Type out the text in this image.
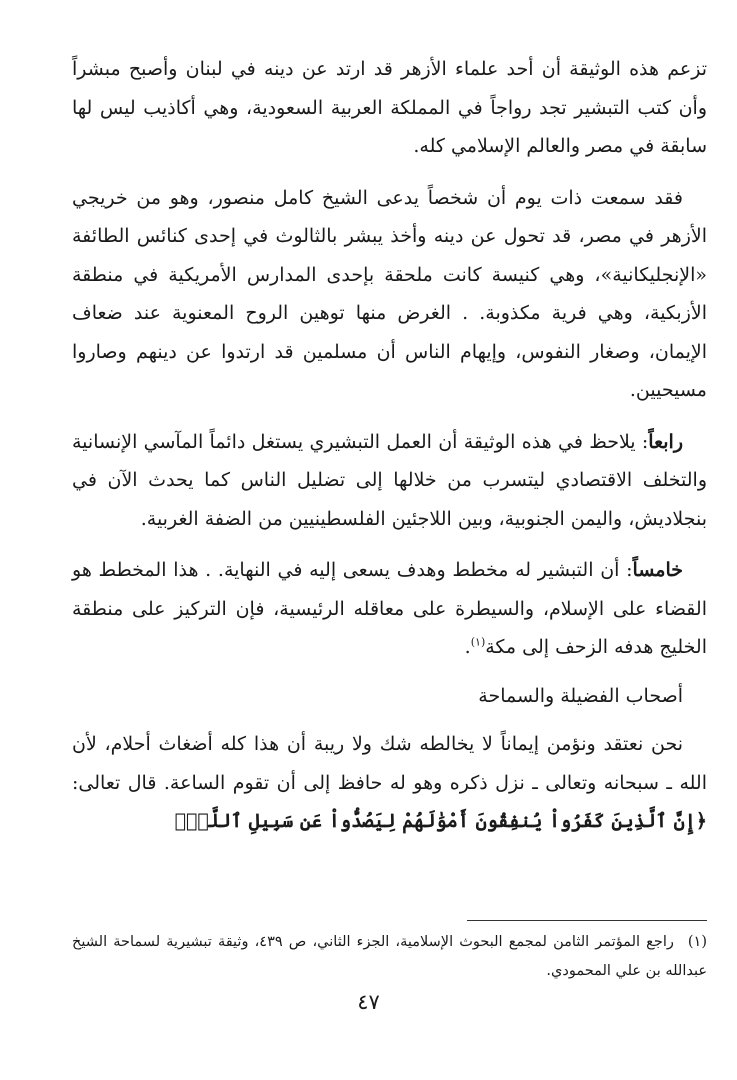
تزعم هذه الوثيقة أن أحد علماء الأزهر قد ارتد عن دينه في لبنان وأصبح مبشراً وأن كتب التبشير تجد رواجاً في المملكة العربية السعودية، وهي أكاذيب ليس لها سابقة في مصر والعالم الإسلامي كله.

فقد سمعت ذات يوم أن شخصاً يدعى الشيخ كامل منصور، وهو من خريجي الأزهر في مصر، قد تحول عن دينه وأخذ يبشر بالثالوث في إحدى كنائس الطائفة «الإنجليكانية»، وهي كنيسة كانت ملحقة بإحدى المدارس الأمريكية في منطقة الأزبكية، وهي فرية مكذوبة. . الغرض منها توهين الروح المعنوية عند ضعاف الإيمان، وصغار النفوس، وإيهام الناس أن مسلمين قد ارتدوا عن دينهم وصاروا مسيحيين.

رابعاً: يلاحظ في هذه الوثيقة أن العمل التبشيري يستغل دائماً المآسي الإنسانية والتخلف الاقتصادي ليتسرب من خلالها إلى تضليل الناس كما يحدث الآن في بنجلاديش، واليمن الجنوبية، وبين اللاجئين الفلسطينيين من الضفة الغربية.

خامساً: أن التبشير له مخطط وهدف يسعى إليه في النهاية. . هذا المخطط هو القضاء على الإسلام، والسيطرة على معاقله الرئيسية، فإن التركيز على منطقة الخليج هدفه الزحف إلى مكة$^{(١)}$.

أصحاب الفضيلة والسماحة

نحن نعتقد ونؤمن إيماناً لا يخالطه شك ولا ريبة أن هذا كله أضغاث أحلام، لأن الله ـ سبحانه وتعالى ـ نزل ذكره وهو له حافظ إلى أن تقوم الساعة. قال تعالى: ﴿إِنَّ ٱلَّذِينَ كَفَرُواْ يُنفِقُونَ أَمْوَٰلَهُمْ لِيَصُدُّواْ عَن سَبِيلِ ٱللَّهِۚ

(١)راجع المؤتمر الثامن لمجمع البحوث الإسلامية، الجزء الثاني، ص ٤٣٩، وثيقة تبشيرية لسماحة الشيخ عبدالله بن علي المحمودي.
٤٧
